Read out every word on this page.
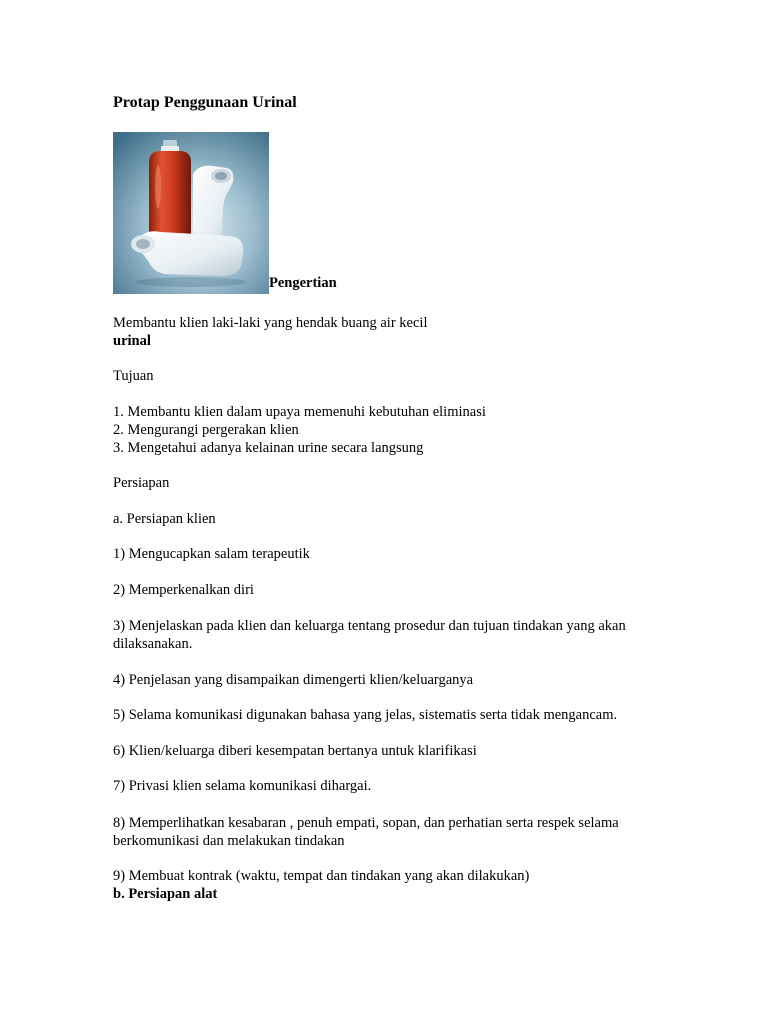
Protap Penggunaan Urinal
Pengertian

Membantu klien laki-laki yang hendak buang air kecil

urinal

Tujuan

1. Membantu klien dalam upaya memenuhi kebutuhan eliminasi

2. Mengurangi pergerakan klien

3. Mengetahui adanya kelainan urine secara langsung

Persiapan
a. Persiapan klien
1) Mengucapkan salam terapeutik
2) Memperkenalkan diri
3) Menjelaskan pada klien dan keluarga tentang prosedur dan tujuan tindakan yang akan dilaksanakan.
4) Penjelasan yang disampaikan dimengerti klien/keluarganya
5) Selama komunikasi digunakan bahasa yang jelas, sistematis serta tidak mengancam.
6) Klien/keluarga diberi kesempatan bertanya untuk klarifikasi
7) Privasi klien selama komunikasi dihargai.
8) Memperlihatkan kesabaran , penuh empati, sopan, dan perhatian serta respek selama berkomunikasi dan melakukan tindakan

9) Membuat kontrak (waktu, tempat dan tindakan yang akan dilakukan)

b. Persiapan alat
